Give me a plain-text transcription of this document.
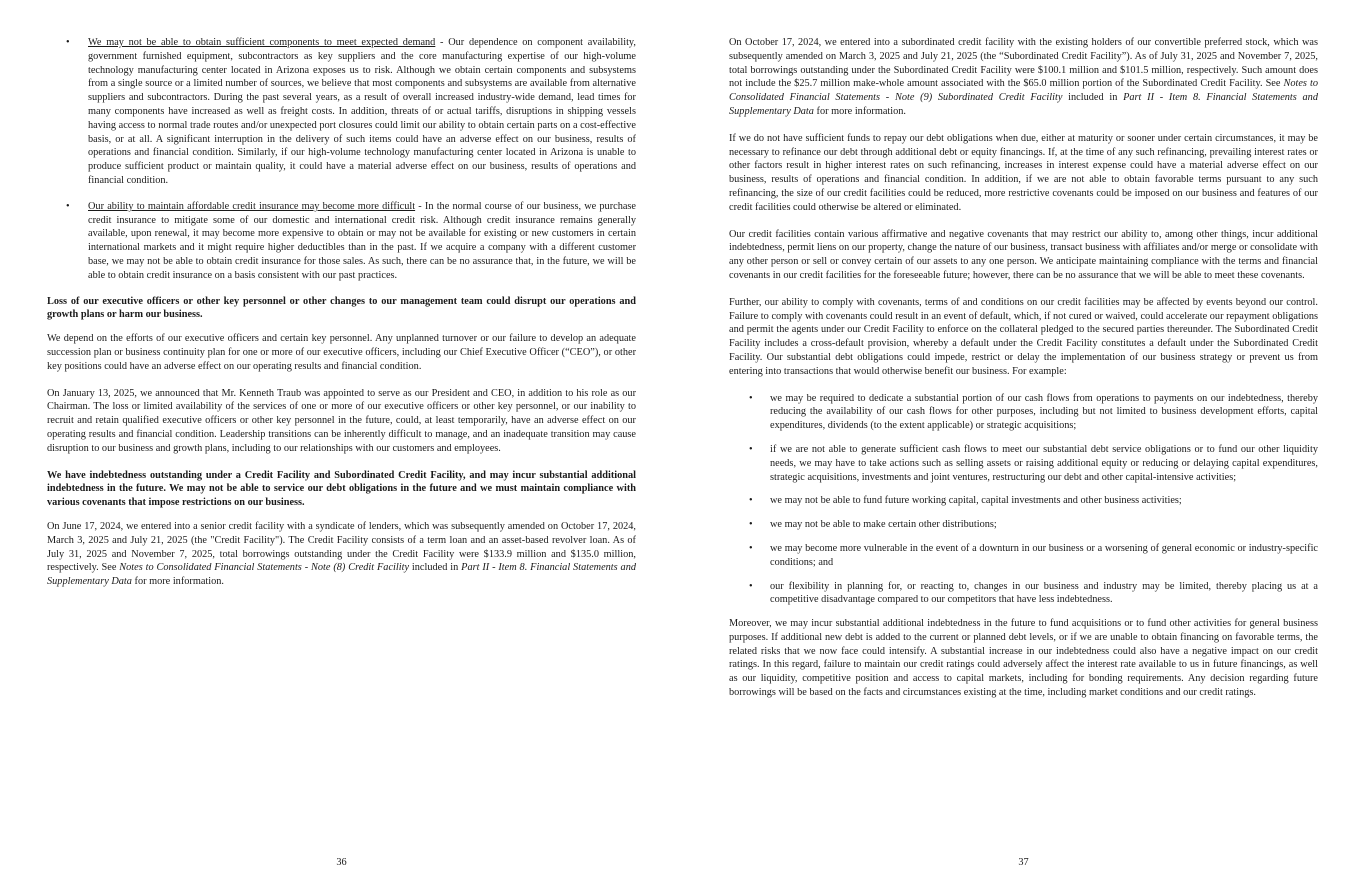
• We may not be able to obtain sufficient components to meet expected demand - Our dependence on component availability, government furnished equipment, subcontractors as key suppliers and the core manufacturing expertise of our high-volume technology manufacturing center located in Arizona exposes us to risk. Although we obtain certain components and subsystems from a single source or a limited number of sources, we believe that most components and subsystems are available from alternative suppliers and subcontractors. During the past several years, as a result of overall increased industry-wide demand, lead times for many components have increased as well as freight costs. In addition, threats of or actual tariffs, disruptions in shipping vessels having access to normal trade routes and/or unexpected port closures could limit our ability to obtain certain parts on a cost-effective basis, or at all. A significant interruption in the delivery of such items could have an adverse effect on our business, results of operations and financial condition. Similarly, if our high-volume technology manufacturing center located in Arizona is unable to produce sufficient product or maintain quality, it could have a material adverse effect on our business, results of operations and financial condition.
• Our ability to maintain affordable credit insurance may become more difficult - In the normal course of our business, we purchase credit insurance to mitigate some of our domestic and international credit risk. Although credit insurance remains generally available, upon renewal, it may become more expensive to obtain or may not be available for existing or new customers in certain international markets and it might require higher deductibles than in the past. If we acquire a company with a different customer base, we may not be able to obtain credit insurance for those sales. As such, there can be no assurance that, in the future, we will be able to obtain credit insurance on a basis consistent with our past practices.

Loss of our executive officers or other key personnel or other changes to our management team could disrupt our operations and growth plans or harm our business.

We depend on the efforts of our executive officers and certain key personnel. Any unplanned turnover or our failure to develop an adequate succession plan or business continuity plan for one or more of our executive officers, including our Chief Executive Officer (“CEO”), or other key positions could have an adverse effect on our operating results and financial condition.

On January 13, 2025, we announced that Mr. Kenneth Traub was appointed to serve as our President and CEO, in addition to his role as our Chairman. The loss or limited availability of the services of one or more of our executive officers or other key personnel, or our inability to recruit and retain qualified executive officers or other key personnel in the future, could, at least temporarily, have an adverse effect on our operating results and financial condition. Leadership transitions can be inherently difficult to manage, and an inadequate transition may cause disruption to our business and growth plans, including to our relationships with our customers and employees.

We have indebtedness outstanding under a Credit Facility and Subordinated Credit Facility, and may incur substantial additional indebtedness in the future. We may not be able to service our debt obligations in the future and we must maintain compliance with various covenants that impose restrictions on our business.

On June 17, 2024, we entered into a senior credit facility with a syndicate of lenders, which was subsequently amended on October 17, 2024, March 3, 2025 and July 21, 2025 (the "Credit Facility"). The Credit Facility consists of a term loan and an asset-based revolver loan. As of July 31, 2025 and November 7, 2025, total borrowings outstanding under the Credit Facility were $133.9 million and $135.0 million, respectively. See Notes to Consolidated Financial Statements - Note (8) Credit Facility included in Part II - Item 8. Financial Statements and Supplementary Data for more information.

36

On October 17, 2024, we entered into a subordinated credit facility with the existing holders of our convertible preferred stock, which was subsequently amended on March 3, 2025 and July 21, 2025 (the “Subordinated Credit Facility”). As of July 31, 2025 and November 7, 2025, total borrowings outstanding under the Subordinated Credit Facility were $100.1 million and $101.5 million, respectively. Such amount does not include the $25.7 million make-whole amount associated with the $65.0 million portion of the Subordinated Credit Facility. See Notes to Consolidated Financial Statements - Note (9) Subordinated Credit Facility included in Part II - Item 8. Financial Statements and Supplementary Data for more information.

If we do not have sufficient funds to repay our debt obligations when due, either at maturity or sooner under certain circumstances, it may be necessary to refinance our debt through additional debt or equity financings. If, at the time of any such refinancing, prevailing interest rates or other factors result in higher interest rates on such refinancing, increases in interest expense could have a material adverse effect on our business, results of operations and financial condition. In addition, if we are not able to obtain favorable terms pursuant to any such refinancing, the size of our credit facilities could be reduced, more restrictive covenants could be imposed on our business and features of our credit facilities could otherwise be altered or eliminated.

Our credit facilities contain various affirmative and negative covenants that may restrict our ability to, among other things, incur additional indebtedness, permit liens on our property, change the nature of our business, transact business with affiliates and/or merge or consolidate with any other person or sell or convey certain of our assets to any one person. We anticipate maintaining compliance with the terms and financial covenants in our credit facilities for the foreseeable future; however, there can be no assurance that we will be able to meet these covenants.

Further, our ability to comply with covenants, terms of and conditions on our credit facilities may be affected by events beyond our control. Failure to comply with covenants could result in an event of default, which, if not cured or waived, could accelerate our repayment obligations and permit the agents under our Credit Facility to enforce on the collateral pledged to the secured parties thereunder. The Subordinated Credit Facility includes a cross-default provision, whereby a default under the Credit Facility constitutes a default under the Subordinated Credit Facility. Our substantial debt obligations could impede, restrict or delay the implementation of our business strategy or prevent us from entering into transactions that would otherwise benefit our business. For example:

• we may be required to dedicate a substantial portion of our cash flows from operations to payments on our indebtedness, thereby reducing the availability of our cash flows for other purposes, including but not limited to business development efforts, capital expenditures, dividends (to the extent applicable) or strategic acquisitions;
• if we are not able to generate sufficient cash flows to meet our substantial debt service obligations or to fund our other liquidity needs, we may have to take actions such as selling assets or raising additional equity or reducing or delaying capital expenditures, strategic acquisitions, investments and joint ventures, restructuring our debt and other capital-intensive activities;
• we may not be able to fund future working capital, capital investments and other business activities;
• we may not be able to make certain other distributions;
• we may become more vulnerable in the event of a downturn in our business or a worsening of general economic or industry-specific conditions; and
• our flexibility in planning for, or reacting to, changes in our business and industry may be limited, thereby placing us at a competitive disadvantage compared to our competitors that have less indebtedness.

Moreover, we may incur substantial additional indebtedness in the future to fund acquisitions or to fund other activities for general business purposes. If additional new debt is added to the current or planned debt levels, or if we are unable to obtain financing on favorable terms, the related risks that we now face could intensify. A substantial increase in our indebtedness could also have a negative impact on our credit ratings. In this regard, failure to maintain our credit ratings could adversely affect the interest rate available to us in future financings, as well as our liquidity, competitive position and access to capital markets, including for bonding requirements. Any decision regarding future borrowings will be based on the facts and circumstances existing at the time, including market conditions and our credit ratings.

37
